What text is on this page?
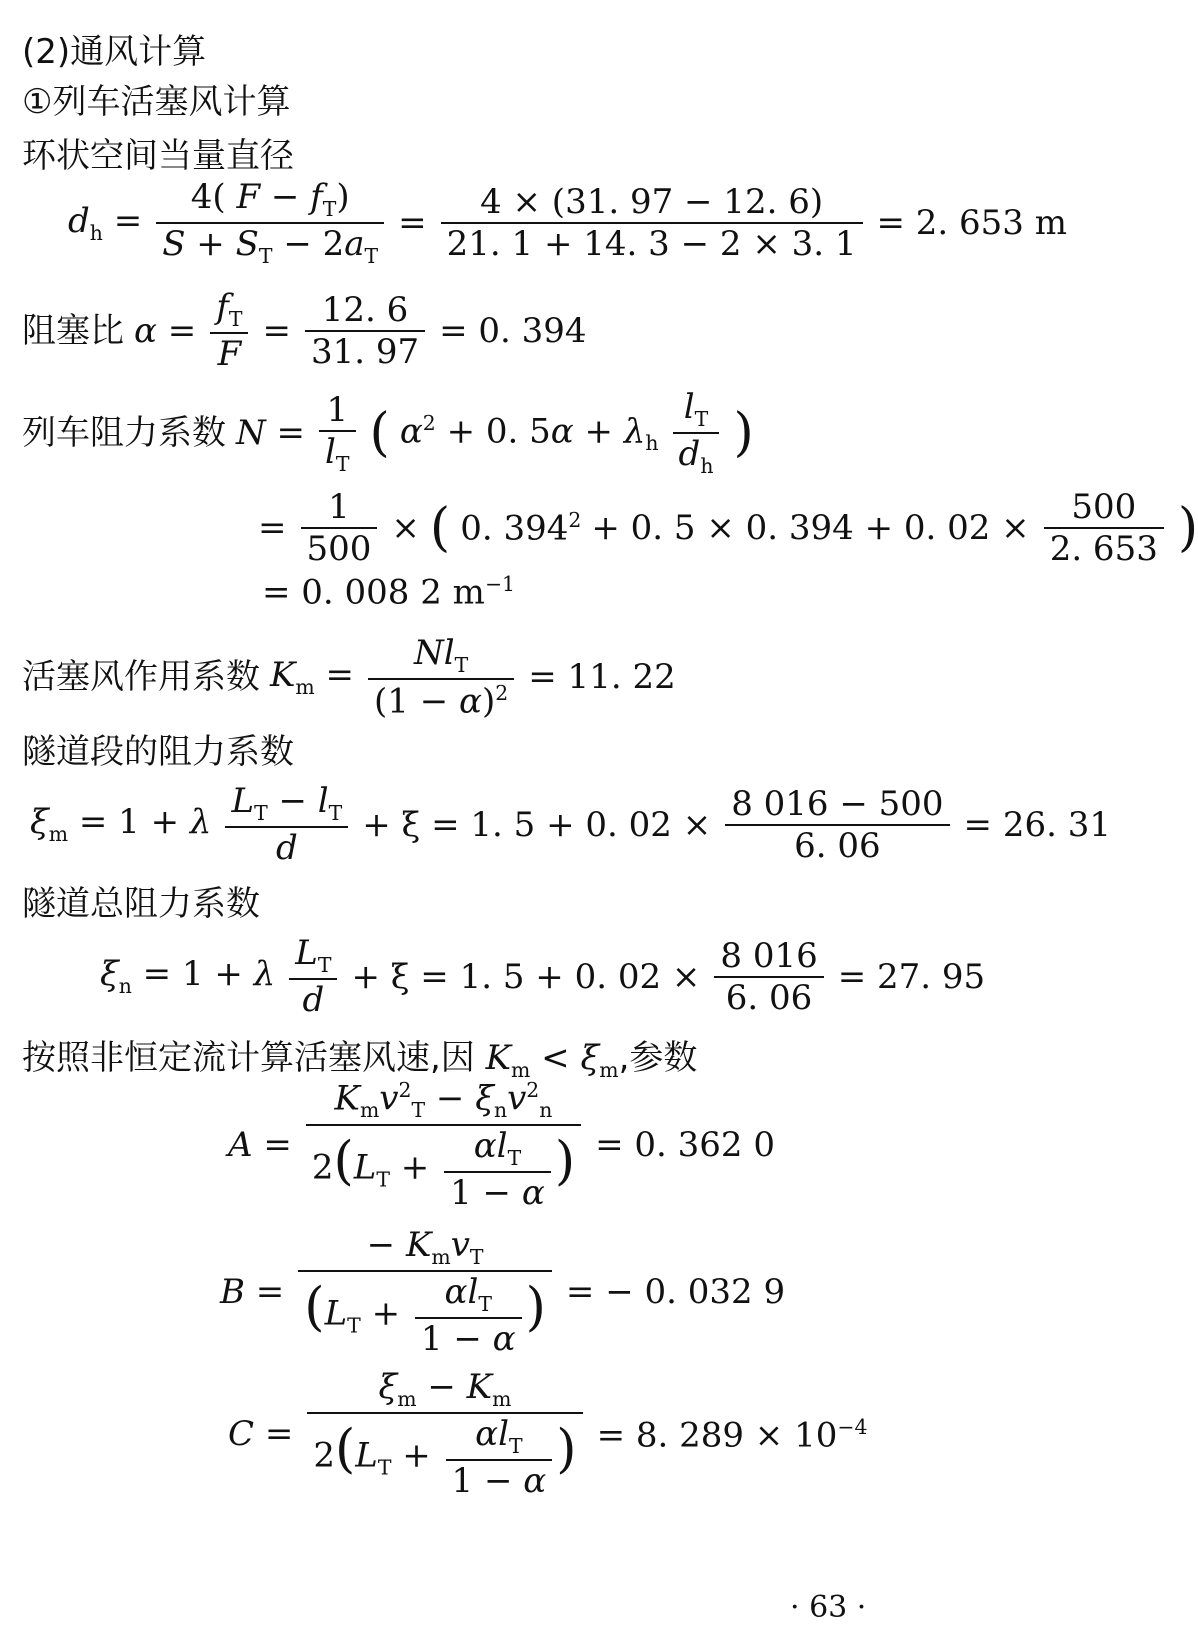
(2)通风计算
①列车活塞风计算
环状空间当量直径
$d_h = \frac{4( F - f_T)}{S + S_T - 2a_T} = \frac{4 \times (31. 97 - 12. 6)}{21. 1 + 14. 3 - 2 \times 3. 1} = 2$. 653 m
阻塞比 $\alpha = \frac{f_T}{F} = \frac{12. 6}{31. 97} = 0$. 394
列车阻力系数 $N = \frac{1}{l_T}$ ( $\alpha^2 + 0$. $5\alpha + \lambda_h \frac{l_T}{d_h}$ )
= $\frac{1}{500}$ × ( 0. $394^2 + 0$. 5 × 0. 394 + 0. $02 \times \frac{500}{2. 653}$ )
= 0. 008 2 $m^{-1}$
活塞风作用系数 $K_m = \frac{Nl_T}{(1 - \alpha)^2} = 11$. 22
隧道段的阻力系数
$\xi_m = 1 + \lambda \frac{L_T - l_T}{d} + \xi = 1$. 5 + 0. $02 \times \frac{8 016 - 500}{6. 06} = 26$. 31
隧道总阻力系数
$\xi_n = 1 + \lambda \frac{L_T}{d} + \xi = 1$. 5 + 0. $02 \times \frac{8 016}{6. 06} = 27$. 95
按照非恒定流计算活塞风速,因 $K_m < \xi_m$,参数
$A = \frac{K_mv^2_T - \xi_nv^2_n}{2(L_T + \frac{\alpha l_T}{1 - \alpha} )} = 0$. 362 0
$B = \frac{- K_mv_T}{(L_T + \frac{\alpha l_T}{1 - \alpha} )}$ = − 0. 032 9
$C = \frac{\xi_m - K_m}{2(L_T + \frac{\alpha l_T}{1 - \alpha} )} = 8$. $289 \times 10^{-4}$
· 63 ·
